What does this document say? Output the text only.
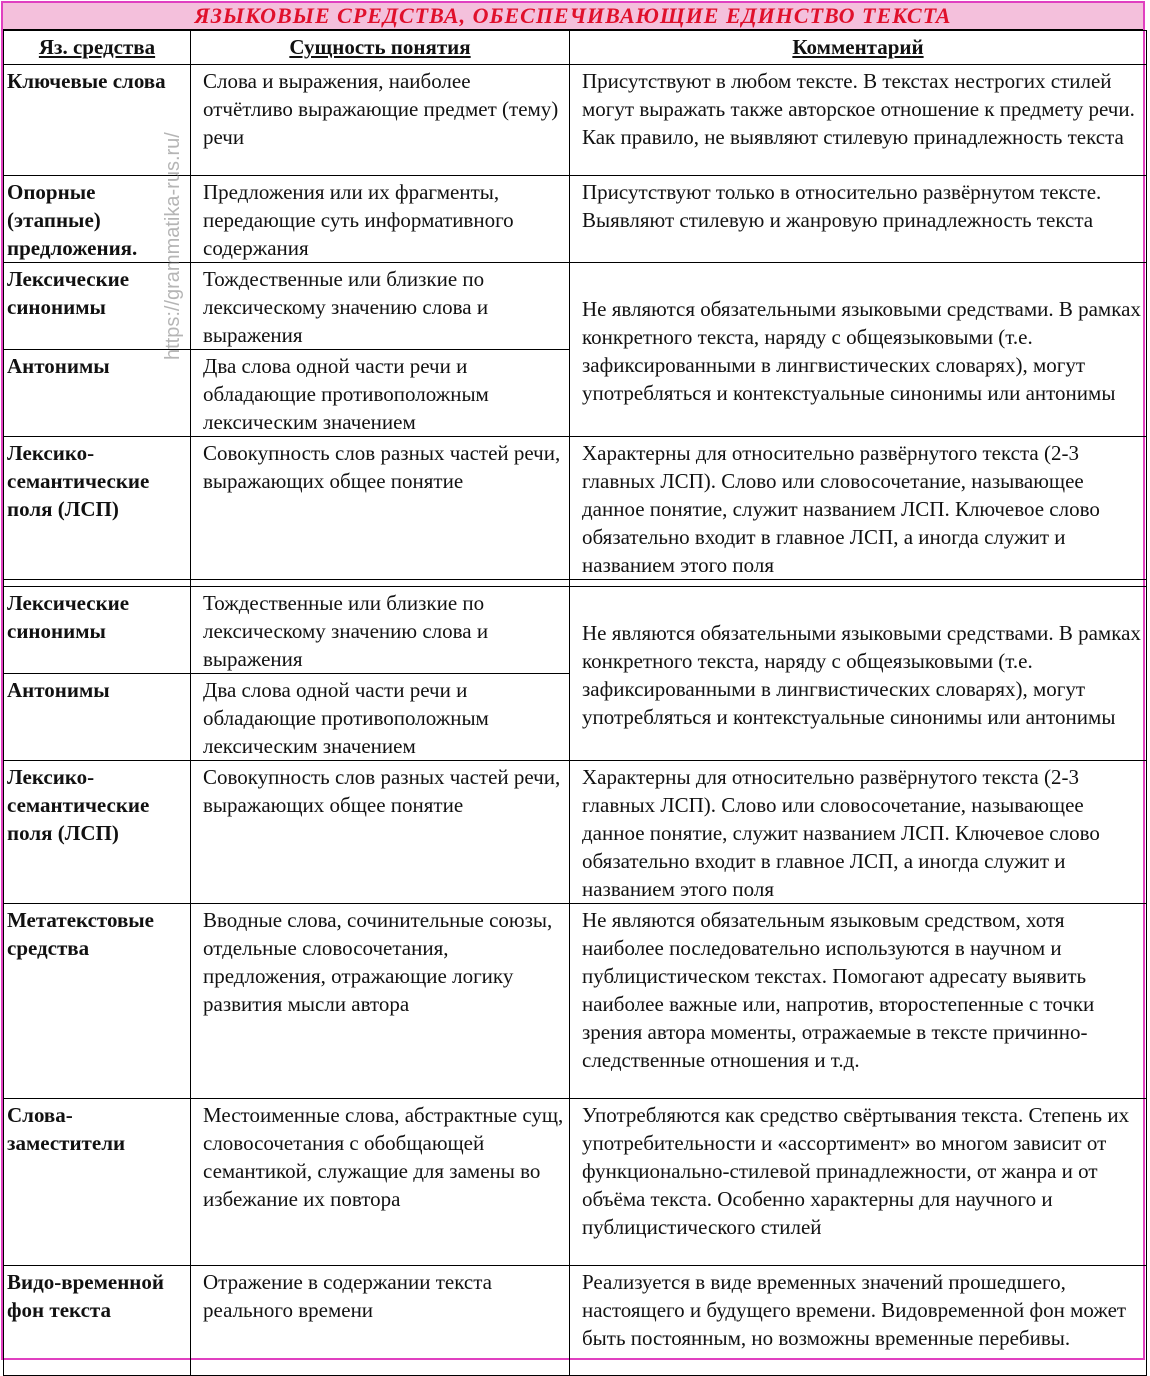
ЯЗЫКОВЫЕ СРЕДСТВА, ОБЕСПЕЧИВАЮЩИЕ ЕДИНСТВО ТЕКСТА
Яз. средства	Сущность понятия	Комментарий
Ключевые слова	Слова и выражения, наиболее отчётливо выражающие предмет (тему) речи	Присутствуют в любом тексте. В текстах нестрогих стилей могут выражать также авторское отношение к предмету речи. Как правило, не выявляют стилевую принадлежность текста
Опорные (этапные) предложения.	Предложения или их фрагменты, передающие суть информативного содержания	Присутствуют только в относительно развёрнутом тексте. Выявляют стилевую и жанровую принадлежность текста
Лексические синонимы	Тождественные или близкие по лексическому значению слова и выражения	Не являются обязательными языковыми средствами. В рамках конкретного текста, наряду с общеязыковыми (т.е. зафиксированными в лингвистических словарях), могут употребляться и контекстуальные синонимы или антонимы
Антонимы	Два слова одной части речи и обладающие противоположным лексическим значением	
Лексико-семантические поля (ЛСП)	Совокупность слов разных частей речи, выражающих общее понятие	Характерны для относительно развёрнутого текста (2-3 главных ЛСП). Слово или словосочетание, называющее данное понятие, служит названием ЛСП. Ключевое слово обязательно входит в главное ЛСП, а иногда служит и названием этого поля

Лексические синонимы	Тождественные или близкие по лексическому значению слова и выражения	Не являются обязательными языковыми средствами. В рамках конкретного текста, наряду с общеязыковыми (т.е. зафиксированными в лингвистических словарях), могут употребляться и контекстуальные синонимы или антонимы
Антонимы	Два слова одной части речи и обладающие противоположным лексическим значением	
Лексико-семантические поля (ЛСП)	Совокупность слов разных частей речи, выражающих общее понятие	Характерны для относительно развёрнутого текста (2-3 главных ЛСП). Слово или словосочетание, называющее данное понятие, служит названием ЛСП. Ключевое слово обязательно входит в главное ЛСП, а иногда служит и названием этого поля
Метатекстовые средства	Вводные слова, сочинительные союзы, отдельные словосочетания, предложения, отражающие логику развития мысли автора	Не являются обязательным языковым средством, хотя наиболее последовательно используются в научном и публицистическом текстах. Помогают адресату выявить наиболее важные или, напротив, второстепенные с точки зрения автора моменты, отражаемые в тексте причинно-следственные отношения и т.д.
Слова-заместители	Местоименные слова, абстрактные сущ, словосочетания с обобщающей семантикой, служащие для замены во избежание их повтора	Употребляются как средство свёртывания текста. Степень их употребительности и «ассортимент» во многом зависит от функционально-стилевой принадлежности, от жанра и от объёма текста. Особенно характерны для научного и публицистического стилей
Видо-временной фон текста	Отражение в содержании текста реального времени	Реализуется в виде временных значений прошедшего, настоящего и будущего времени. Видовременной фон может быть постоянным, но возможны временные перебивы.
https://grammatika-rus.ru/
